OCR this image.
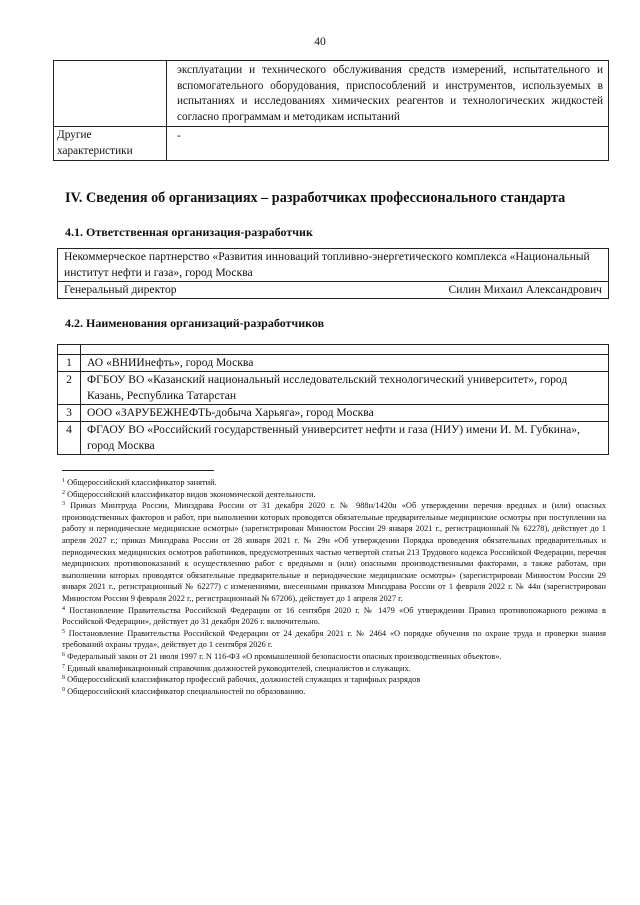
40
	эксплуатации и технического обслуживания средств измерений, испытательного и вспомогательного оборудования, приспособлений и инструментов, используемых в испытаниях и исследованиях химических реагентов и технологических жидкостей согласно программам и методикам испытаний
Другие характеристики	-
IV. Сведения об организациях – разработчиках профессионального стандарта
4.1. Ответственная организация-разработчик
Некоммерческое партнерство «Развития инноваций топливно-энергетического комплекса «Национальный институт нефти и газа», город Москва

Генеральный директор	Силин Михаил Александрович
4.2. Наименования организаций-разработчиков

1	АО «ВНИИнефть», город Москва
2	ФГБОУ ВО «Казанский национальный исследовательский технологический университет», город Казань, Республика Татарстан
3	ООО «ЗАРУБЕЖНЕФТЬ-добыча Харьяга», город Москва
4	ФГАОУ ВО «Российский государственный университет нефти и газа (НИУ) имени И. М. Губкина», город Москва

$^1$ Общероссийский классификатор занятий.

$^2$ Общероссийский классификатор видов экономической деятельности.

$^3$ Приказ Минтруда России, Минздрава России от 31 декабря 2020 г. № 988н/1420н «Об утверждении перечня вредных и (или) опасных производственных факторов и работ, при выполнении которых проводятся обязательные предварительные медицинские осмотры при поступлении на работу и периодические медицинские осмотры» (зарегистрирован Минюстом России 29 января 2021 г., регистрационный № 62278), действует до 1 апреля 2027 г.; приказ Минздрава России от 28 января 2021 г. № 29н «Об утверждении Порядка проведения обязательных предварительных и периодических медицинских осмотров работников, предусмотренных частью четвертой статьи 213 Трудового кодекса Российской Федерации, перечня медицинских противопоказаний к осуществлению работ с вредными и (или) опасными производственными факторами, а также работам, при выполнении которых проводятся обязательные предварительные и периодические медицинские осмотры» (зарегистрирован Минюстом России 29 января 2021 г., регистрационный № 62277) с изменениями, внесенными приказом Минздрава России от 1 февраля 2022 г. № 44н (зарегистрирован Минюстом России 9 февраля 2022 г., регистрационный № 67206), действует до 1 апреля 2027 г.

$^4$ Постановление Правительства Российской Федерации от 16 сентября 2020 г. № 1479 «Об утверждении Правил противопожарного режима в Российской Федерации», действует до 31 декабря 2026 г. включительно.

$^5$ Постановление Правительства Российской Федерации от 24 декабря 2021 г. № 2464 «О порядке обучения по охране труда и проверки знания требований охраны труда», действует до 1 сентября 2026 г.

$^6$ Федеральный закон от 21 июля 1997 г. N 116-ФЗ «О промышленной безопасности опасных производственных объектов».

$^7$ Единый квалификационный справочник должностей руководителей, специалистов и служащих.

$^8$ Общероссийский классификатор профессий рабочих, должностей служащих и тарифных разрядов

$^9$ Общероссийский классификатор специальностей по образованию.
